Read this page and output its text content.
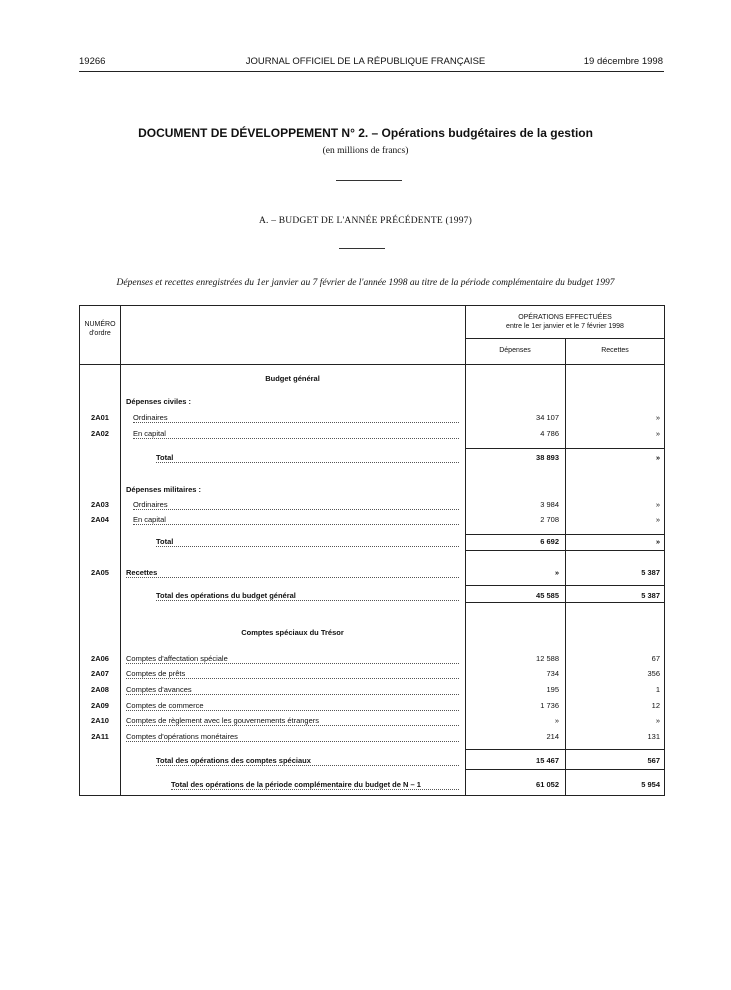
19266	JOURNAL OFFICIEL DE LA RÉPUBLIQUE FRANÇAISE	19 décembre 1998
DOCUMENT DE DÉVELOPPEMENT N° 2. – Opérations budgétaires de la gestion
(en millions de francs)
A. – BUDGET DE L'ANNÉE PRÉCÉDENTE (1997)
Dépenses et recettes enregistrées du 1er janvier au 7 février de l'année 1998 au titre de la période complémentaire du budget 1997
NUMÉRO
d'ordre
OPÉRATIONS EFFECTUÉES
entre le 1er janvier et le 7 février 1998
Dépenses	Recettes
Budget général
Dépenses civiles :
2A01	Ordinaires	34 107	»
2A02	En capital	4 786	»
Total	38 893	»
Dépenses militaires :
2A03	Ordinaires	3 984	»
2A04	En capital	2 708	»
Total	6 692	»
2A05	Recettes	»	5 387
Total des opérations du budget général	45 585	5 387
Comptes spéciaux du Trésor
2A06	Comptes d'affectation spéciale	12 588	67
2A07	Comptes de prêts	734	356
2A08	Comptes d'avances	195	1
2A09	Comptes de commerce	1 736	12
2A10	Comptes de règlement avec les gouvernements étrangers	»	»
2A11	Comptes d'opérations monétaires	214	131
Total des opérations des comptes spéciaux	15 467	567
Total des opérations de la période complémentaire du budget de N – 1	61 052	5 954
